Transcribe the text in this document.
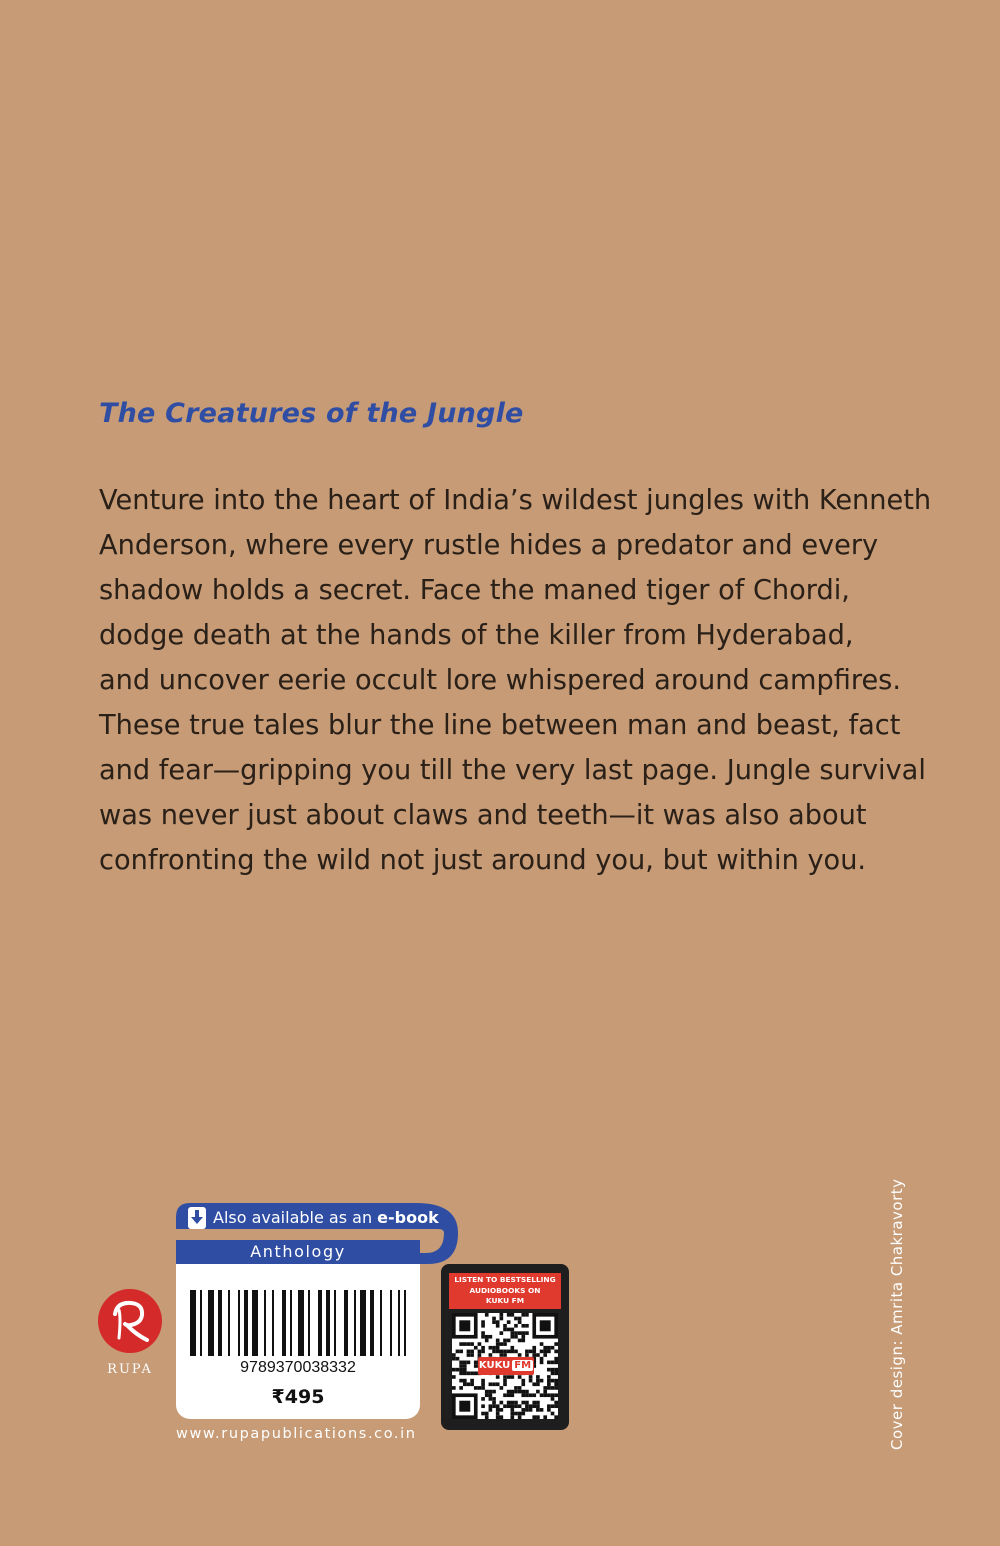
The Creatures of the Jungle
Venture into the heart of India’s wildest jungles with Kenneth
Anderson, where every rustle hides a predator and every
shadow holds a secret. Face the maned tiger of Chordi,
dodge death at the hands of the killer from Hyderabad,
and uncover eerie occult lore whispered around campfires.
These true tales blur the line between man and beast, fact
and fear—gripping you till the very last page. Jungle survival
was never just about claws and teeth—it was also about
confronting the wild not just around you, but within you.
Also available as an e-book
Anthology
9789370038332
₹495
www.rupapublications.co.in
RUPA
LISTEN TO BESTSELLING
AUDIOBOOKS ON
KUKU FM
KUKU FM	Cover design: Amrita Chakravorty
